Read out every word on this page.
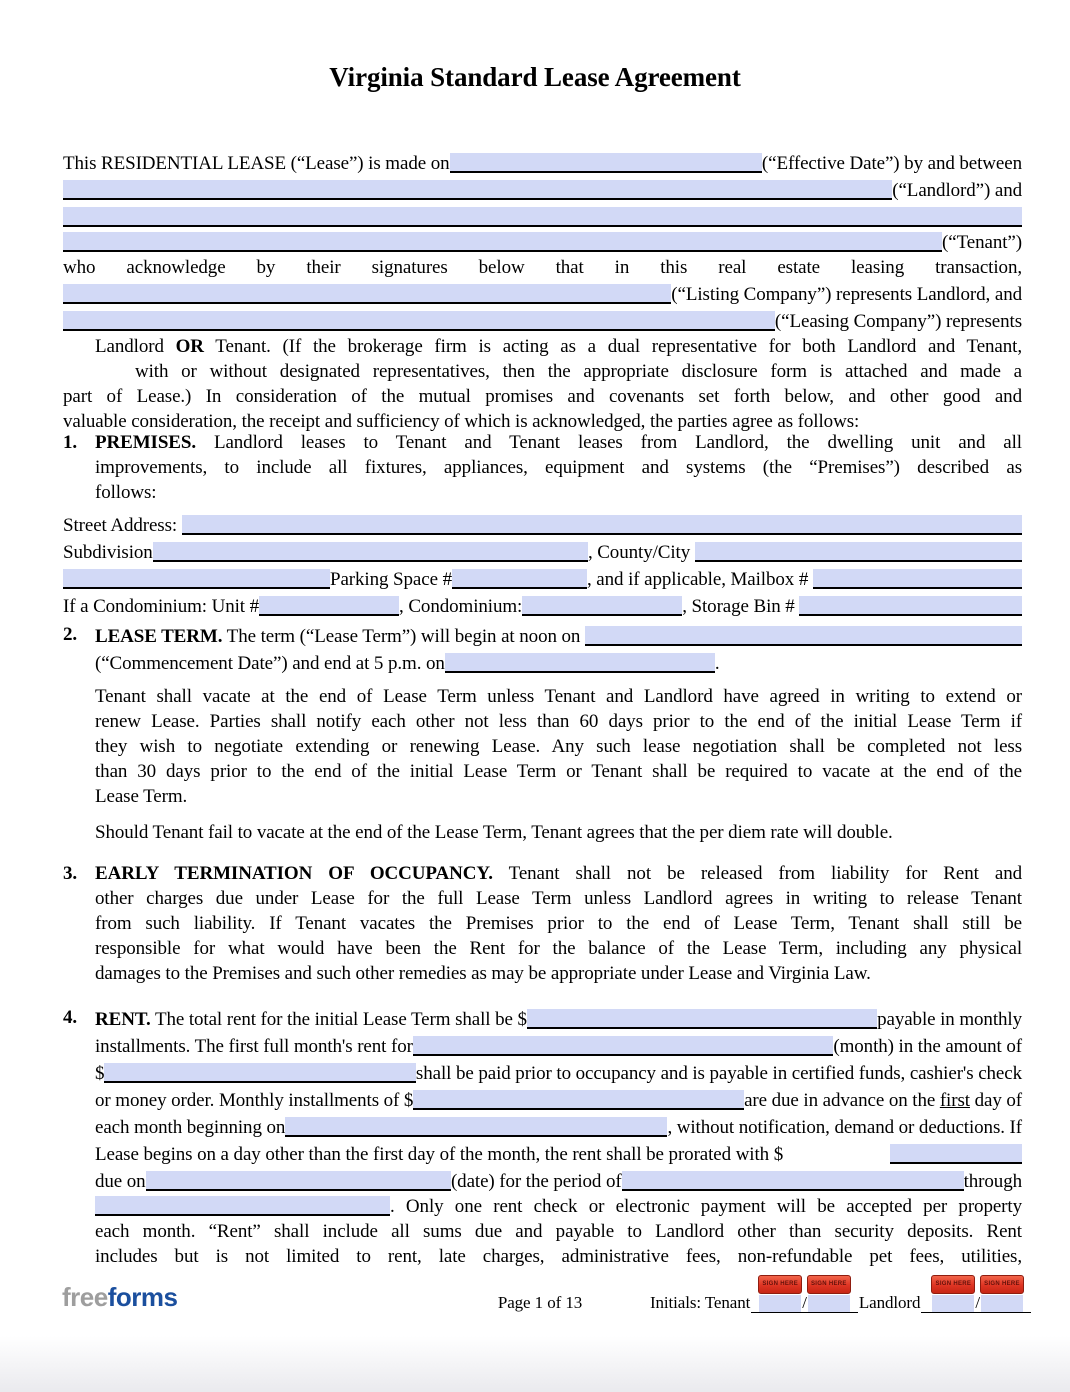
Virginia Standard Lease Agreement
This RESIDENTIAL LEASE (“Lease”) is made on	(“Effective Date”) by and between
(“Landlord”) and
(“Tenant”)
who acknowledge by their signatures below that in this real estate leasing transaction,
(“Listing Company”) represents Landlord, and
(“Leasing Company”) represents
Landlord OR Tenant. (If the brokerage firm is acting as a dual representative for both Landlord and Tenant,
with or without designated representatives, then the appropriate disclosure form is attached and made a
part of Lease.) In consideration of the mutual promises and covenants set forth below, and other good and
valuable consideration, the receipt and sufficiency of which is acknowledged, the parties agree as follows:
1. PREMISES. Landlord leases to Tenant and Tenant leases from Landlord, the dwelling unit and all
improvements, to include all fixtures, appliances, equipment and systems (the “Premises”) described as
follows:
Street Address:
Subdivision	, County/City
Parking Space #	, and if applicable, Mailbox #
If a Condominium: Unit #	, Condominium:	, Storage Bin #
2. LEASE TERM. The term (“Lease Term”) will begin at noon on
(“Commencement Date”) and end at 5 p.m. on	.
Tenant shall vacate at the end of Lease Term unless Tenant and Landlord have agreed in writing to extend or
renew Lease. Parties shall notify each other not less than 60 days prior to the end of the initial Lease Term if
they wish to negotiate extending or renewing Lease. Any such lease negotiation shall be completed not less
than 30 days prior to the end of the initial Lease Term or Tenant shall be required to vacate at the end of the
Lease Term.
Should Tenant fail to vacate at the end of the Lease Term, Tenant agrees that the per diem rate will double.
3. EARLY TERMINATION OF OCCUPANCY. Tenant shall not be released from liability for Rent and
other charges due under Lease for the full Lease Term unless Landlord agrees in writing to release Tenant
from such liability. If Tenant vacates the Premises prior to the end of Lease Term, Tenant shall still be
responsible for what would have been the Rent for the balance of the Lease Term, including any physical
damages to the Premises and such other remedies as may be appropriate under Lease and Virginia Law.
4. RENT. The total rent for the initial Lease Term shall be $	payable in monthly
installments. The first full month's rent for	(month) in the amount of
$	shall be paid prior to occupancy and is payable in certified funds, cashier's check
or money order. Monthly installments of $	are due in advance on the first day of
each month beginning on	, without notification, demand or deductions. If
Lease begins on a day other than the first day of the month, the rent shall be prorated with $
due on	(date) for the period of	through
. Only one rent check or electronic payment will be accepted per property
each month. “Rent” shall include all sums due and payable to Landlord other than security deposits. Rent
includes but is not limited to rent, late charges, administrative fees, non-refundable pet fees, utilities,
freeforms	Page 1 of 13	Initials: Tenant
SIGN HERE
/
SIGN HERE
Landlord
SIGN HERE
/
SIGN HERE
